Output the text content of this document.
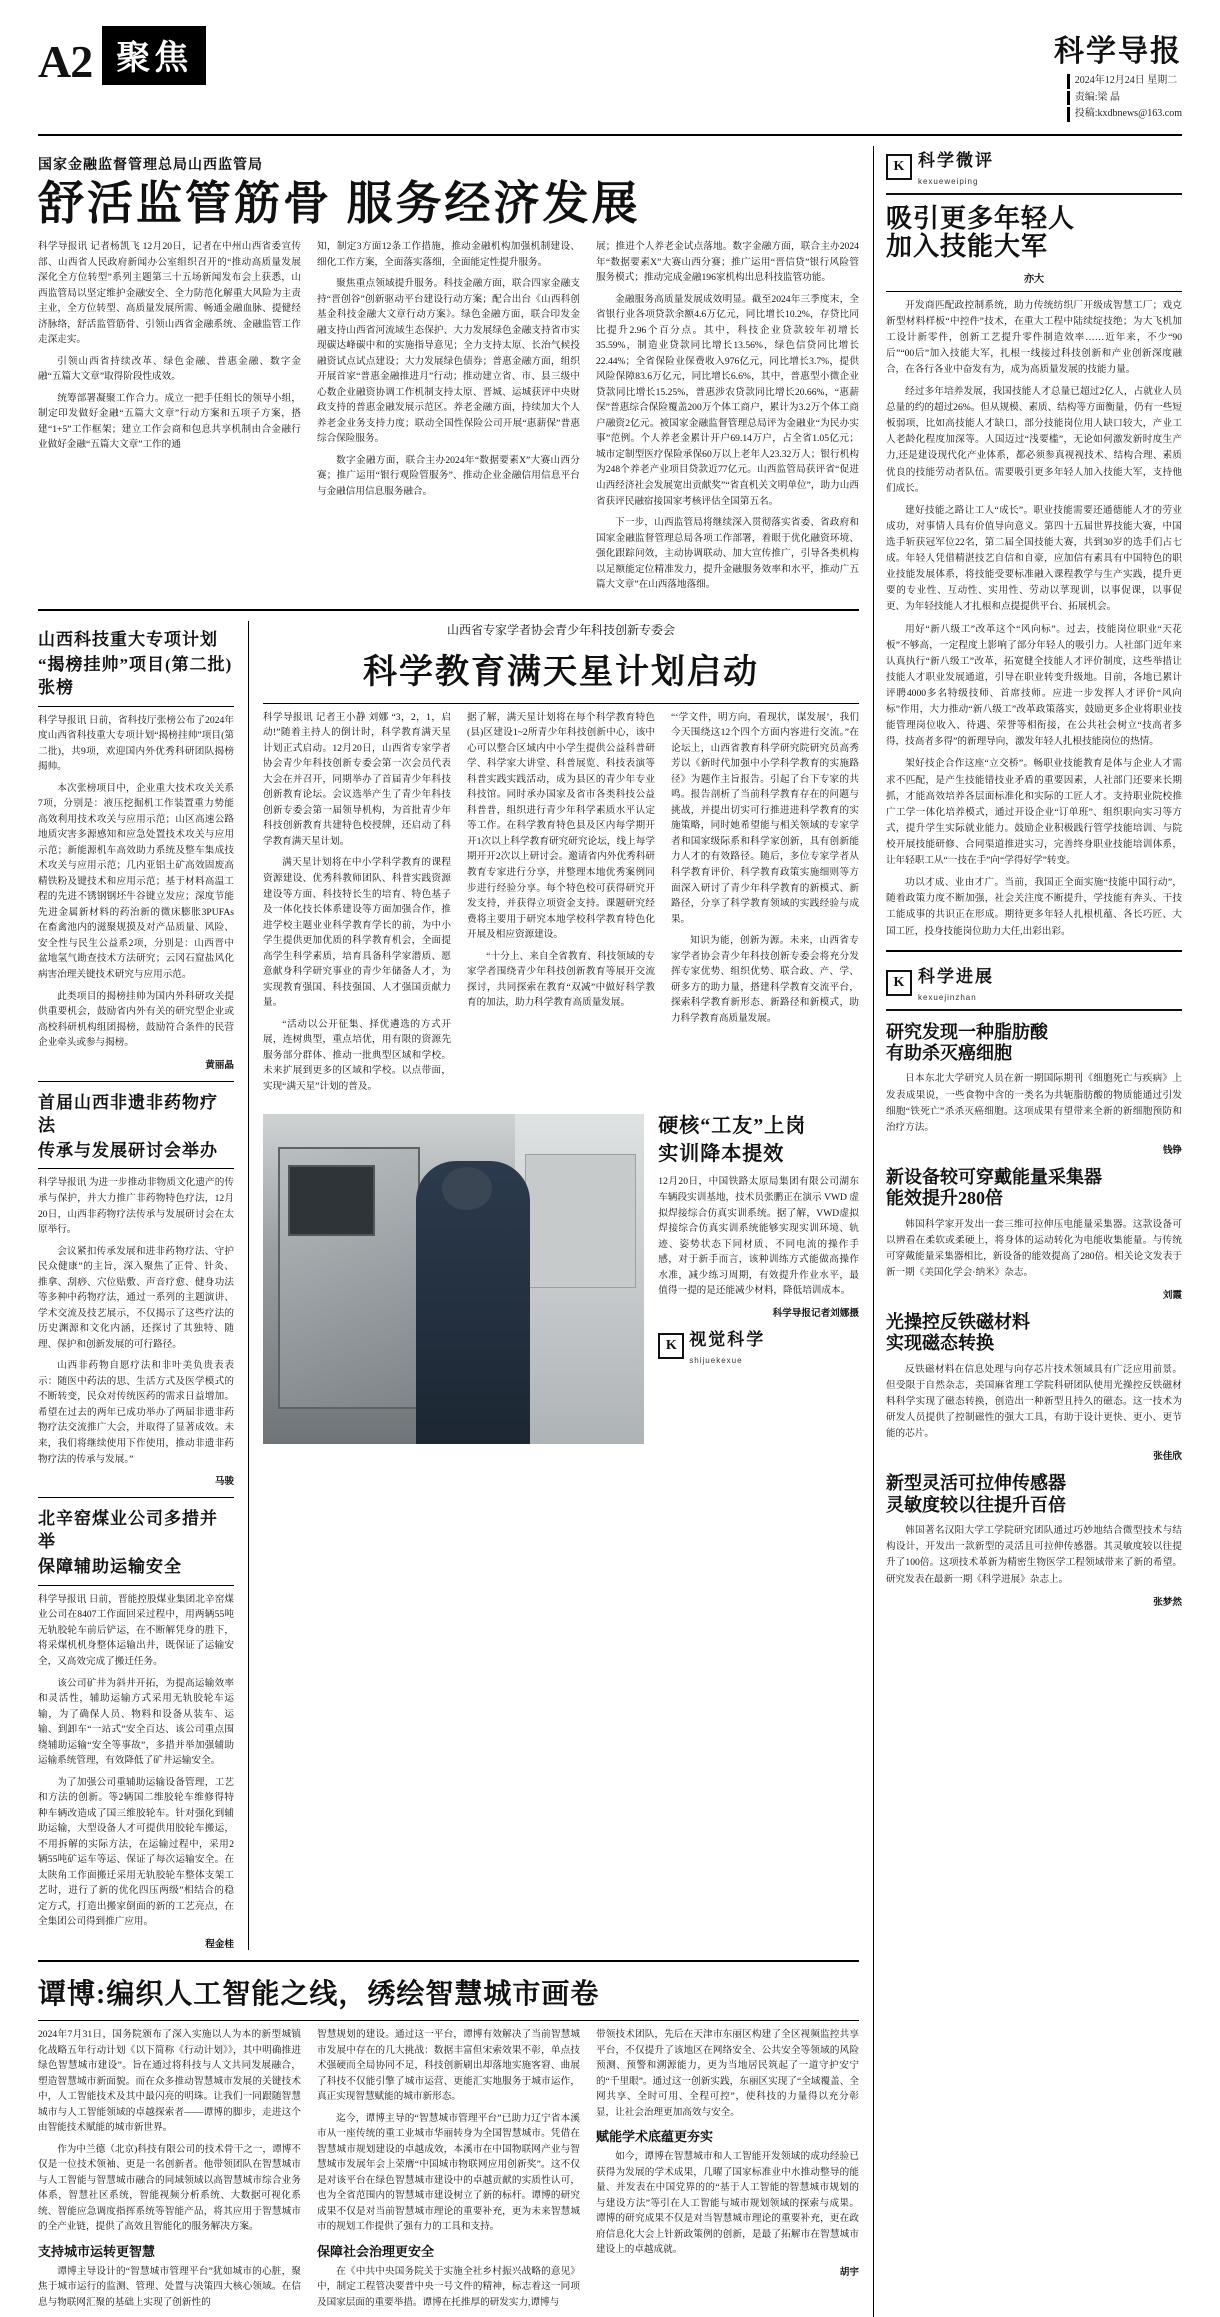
A2 聚焦	科学导报
2024年12月24日 星期二
责编:梁 晶
投稿:kxdbnews@163.com
国家金融监督管理总局山西监管局
舒活监管筋骨 服务经济发展

科学导报讯 记者杨凯飞 12月20日，记者在中州山西省委宣传部、山西省人民政府新闻办公室组织召开的“推动高质量发展深化全方位转型”系列主题第三十五场新闻发布会上获悉，山西监管局以坚定维护金融安全、全力防范化解重大风险为主责主业，全方位转型、高质量发展所需、畅通金融血脉、提健经济脉络，舒活监管筋骨、引领山西省金融系统、金融监管工作走深走实。

引领山西省持续改革、绿色金融、普惠金融、数字金融“五篇大文章”取得阶段性成效。

统筹部署凝聚工作合力。成立一把手任组长的领导小组，制定印发做好金融“五篇大文章”行动方案和五项子方案，搭建“1+5”工作框架；建立工作会商和包息共享机制由合金融行业做好金融“五篇大文章”工作的通

知，制定3方面12条工作措施，推动金融机构加强机制建设、细化工作方案，全面落实落细，全面能定性提升服务。

聚焦重点领域提升服务。科技金融方面，联合四家金融支持“晋创谷”创新驱动平台建设行动方案；配合出台《山西科创基金科技金融大文章行动方案》。绿色金融方面，联合印发金融支持山西省河流域生态保护、大力发展绿色金融支持省市实现碳达峰碳中和的实施指导意见；全力支持太原、长治气候投融资试点试点建设；大力发展绿色债券；普惠金融方面，组织开展首家“普惠金融推进月”行动；推动建立省、市、县三级中心数企业融资协调工作机制支持太原、晋城、运城获评中央财政支持的普惠金融发展示范区。养老金融方面，持续加大个人养老金业务支持力度；联动全国性保险公司开展“惠薪保”普惠综合保险服务。

数字金融方面，联合主办2024年“数据要素X”大赛山西分赛；推广运用“银行观险管服务”、推动企业金融信用信息平台与金融信用信息服务融合。

展；推进个人养老金试点落地。数字金融方面，联合主办2024年“数据要素X”大赛山西分赛；推广运用“晋信贷”银行风险管服务模式；推动完成金融196家机构出息科技监管功能。

金融服务高质量发展成效明显。截至2024年三季度末，全省银行业各项贷款余额4.6万亿元，同比增长10.2%，存贷比同比提升2.96个百分点。其中，科技企业贷款较年初增长35.59%，制造业贷款同比增长13.56%，绿色信贷同比增长22.44%；全省保险业保费收入976亿元，同比增长3.7%，提供风险保障83.6万亿元，同比增长6.6%，其中，普惠型小微企业贷款同比增长15.25%，普惠涉农贷款同比增长20.66%，“惠薪保”普惠综合保险覆盖200万个体工商户，累计为3.2万个体工商户融资2亿元。被国家金融监督管理总局评为金融业“为民办实事”范例。个人养老金累计开户69.14万户，占全省1.05亿元；城市定制型医疗保险承保60万以上老年人23.32万人；银行机构为248个养老产业项目贷款近77亿元。山西监管局获评省“促进山西经济社会发展宽出贡献奖”“省直机关文明单位”，助力山西省获评民融宿接国家考核评估全国第五名。

下一步，山西监管局将继续深入贯彻落实省委、省政府和国家金融监督管理总局各项工作部署，着眼于优化融资环境、强化跟踪问效，主动协调联动、加大宣传推广，引导各类机构以足额能定位精准发力，提升金融服务效率和水平，推动广五篇大文章”在山西落地落细。

山西科技重大专项计划
“揭榜挂帅”项目(第二批)张榜

科学导报讯 日前，省科技厅张榜公布了2024年度山西省科技重大专项计划“揭榜挂帅”项目(第二批)，共9项，欢迎国内外优秀科研团队揭榜揭帅。

本次张榜项目中，企业重大技术攻关关系7项，分别是：液压挖掘机工作装置重力势能高效利用技术攻关与应用示范；山区高速公路地质灾害多源感知和应急处置技术攻关与应用示范；新能源机车高效助力系统及整车集成技术攻关与应用示范；几内亚铝土矿高效固废高精铁粉及键技术和应用示范；基于材料高温工程的先进不锈钢钢坯牛谷键立发应；深度节能先进金属新材料的药治新的微床膨胀3PUFAs 在畜禽池内的滋聚规摸及对产品质量、风险、安全性与民生公益系2项，分别是：山西晋中盆地氢气勘查技术方法研究；云冈石窟盐风化病害治理关键技术研究与应用示范。

此类项目的揭榜挂帅为国内外科研攻关提供重要机会，鼓励省内外有关的研究型企业或高校科研机构组团揭榜，鼓励符合条件的民营企业牵头或参与揭榜。

黄丽晶
首届山西非遗非药物疗法
传承与发展研讨会举办

科学导报讯 为进一步推动非物质文化遗产的传承与保护，并大力推广非药物特色疗法，12月20日，山西非药物疗法传承与发展研讨会在太原举行。

会议紧扣传承发展和进非药物疗法、守护民众健康”的主旨，深入聚焦了正骨、针灸、推拿、刮痧、穴位贴敷、声音疗愈、健身功法等多种中药物疗法，通过一系列的主题演讲、学术交流及技艺展示，不仅揭示了这些疗法的历史渊源和文化内涵，还探讨了其独特、随理、保护和创新发展的可行路径。

山西非药物自愿疗法和非叶美负贵表表示：随医中药法的思、生活方式及医学模式的不断转变，民众对传统医药的需求日益增加。希望在过去的两年已成功举办了两届非遗非药物疗法交流推广大会，并取得了显著成效。未来，我们将继续使用下作使用，推动非遗非药物疗法的传承与发展。”

马骏
北辛窑煤业公司多措并举
保障辅助运输安全

科学导报讯 日前，晋能控股煤业集团北辛窑煤业公司在8407工作面回采过程中，用两辆55吨无轨胶轮车前后铲运，在不断解凭身的胜下，将采煤机机身整体运输出井，既保证了运输安全，又高效完成了搬迁任务。

该公司矿井为斜井开拓，为提高运输效率和灵活性，辅助运输方式采用无轨胶轮车运输，为了确保人员、物料和设备从装车、运输、到卸车“一站式”安全百达、该公司重点围绕辅助运输“安全等事故”，多措并举加强辅助运输系统管理，有效降低了矿井运输安全。

为了加强公司重辅助运输设备管理，工艺和方法的创新。等2辆国二维胶轮车维修得特种车辆改造成了国三维胶轮车。针对强化到辅助运输，大型设备人才可提供用胶轮车搬运，不用拆解的实际方法，在运输过程中，采用2辆55吨矿运车等运、保证了每次运输安全。在太陕角工作面搬迁采用无轨胶轮车整体支架工艺时，进行了新的优化四压两级”相结合的稳定方式，打造出搬家倒面的新的工艺亮点，在全集团公司得到推广应用。

程金桂
山西省专家学者协会青少年科技创新专委会
科学教育满天星计划启动

科学导报讯 记者王小静 刘娜 “3，2，1，启动!”随着主持人的倒计时，科学教育满天星计划正式启动。12月20日，山西省专家学者协会青少年科技创新专委会第一次会员代表大会在并召开，同期举办了首届青少年科技创新教育论坛。会议选举产生了青少年科技创新专委会第一届领导机构，为首批青少年科技创新教育共建特色校授牌，还启动了科学教育满天星计划。

满天星计划将在中小学科学教育的课程资源建设、优秀科教师团队、科普实践资源建设等方面、科技特长生的培育、特色基子及一体化技长体系建设等方面加强合作，推进学校主题业业科学教育学长的前，为中小学生提供更加优质的科学教育机会，全面提高学生科学素质，培育具备科学家潜质、愿意献身科学研究事业的青少年储备人才，为实现教育强国、科技强国、人才强国贡献力量。

“活动以公开征集、择优遴选的方式开展，连树典型，重点培优，用有限的资源先服务部分群体、推动一批典型区域和学校。未来扩展到更多的区域和学校。以点带面，实现“满天星”计划的普及。

据了解，满天星计划将在每个科学教育特色(县)区建设1~2所青少年科技创新中心，该中心可以整合区域内中小学生提供公益科普研学、科学家大讲堂、科普展览、科技表演等科普实践实践活动，成为县区的青少年专业科技馆。同时承办国家及省市各类科技公益科普普，组织进行青少年科学素质水平认定等工作。在科学教育特色县及区内每学期开开1次以上科学教育研究研究论坛，线上每学期开开2次以上研讨会。邀请省内外优秀科研教育专家进行分享，并整理本地优秀案例同步进行经验分享。每个特色校可获得研究开发支持，并获得立项资金支持。课题研究经费将主要用于研究本地学校科学教育特色化开展及相应资源建设。

“十分上、来自全省教育、科技领域的专家学者围绕青少年科技创新教育等展开交流探讨，共同探索在教育“双减”中做好科学教育的加法，助力科学教育高质量发展。

“‘学文件，明方向，看现状，谋发展’，我们今天围绕这12个四个方面内容进行交流。”在论坛上，山西省教育科学研究院研究员高秀芳以《新时代加强中小学科学教育的实施路径》为题作主旨报告。引起了台下专家的共鸣。报告剖析了当前科学教育存在的问题与挑战，并提出切实可行推进进科学教育的实施策略，同时她希望能与相关领域的专家学者和国家级际系和科学家创新，具有创新能力人才的有效路径。随后，多位专家学者从科学教育评价、科学教育政策实施细则等方面深入研讨了青少年科学教育的新模式、新路径，分享了科学教育领域的实践经验与成果。

知识为能，创新为源。未来，山西省专家学者协会青少年科技创新专委会将充分发挥专家优势、组织优势、联合政、产、学、研多方的助力量，搭建科学教育交流平台，探索科学教育新形态、新路径和新模式，助力科学教育高质量发展。

硬核“工友”上岗
实训降本提效

12月20日，中国铁路太原局集团有限公司湖东车辆段实训基地，技术员张鹏正在演示 VWD 虚拟焊接综合仿真实训系统。据了解，VWD虚拟焊接综合仿真实训系统能够实现实训环境、轨迹、姿势状态下同材质、不同电流的操作手感，对于新手而言，该种训练方式能做高操作水准，减少练习周期，有效提升作业水平，最值得一提的是还能减少材料，降低培训成本。

科学导报记者刘娜摄
K 视觉科学
shijuekexue
谭博:编织人工智能之线，绣绘智慧城市画卷

2024年7月31日，国务院颁布了深入实施以人为本的新型城镇化战略五年行动计划《以下简称《行动计划》》，其中明确推进绿色智慧城市建设”。旨在通过将科技与人文共同发展融合，塑造智慧城市新面貌。而在众多推动智慧城市发展的关键技术中，人工智能技术及其中最闪亮的明珠。让我们一同跟随智慧城市与人工智能领域的卓越探索者——谭博的脚步，走进这个由智能技术赋能的城市新世界。

作为中兰德（北京)科技有限公司的技术骨干之一，谭博不仅是一位技术领袖、更是一名创新者。他带领团队在智慧城市与人工智能与智慧城市融合的同域领域以高智慧城市综合业务体系，智慧社区系统，智能视频分析系统、大数据可视化系统、智能应急调度指挥系统等智能产品，将其应用于智慧城市的全产业链，提供了高效且智能化的服务解决方案。

支持城市运转更智慧

谭博主导设计的“智慧城市管理平台”犹如城市的心脏，聚焦于城市运行的监测、管理、处置与决策四大核心领域。在信息与物联网汇聚的基础上实现了创新性的

智慧规划的建设。通过这一平台，谭博有效解决了当前智慧城市发展中存在的几大挑战：数据丰富但宋索效果不彰，单点技术强硬而全局协同不足，科技创新刷出却落地实施客窘、曲展了科技不仅能引擎了城市运营、更能汇实地服务于城市运作，真正实现智慧赋能的城市新形态。

迄今，谭博主导的“智慧城市管理平台”已助力辽宁省本溪市从一座传统的重工业城市华丽转身为全国智慧城市。凭借在智慧城市规划建设的卓越成效，本溪市在中国物联网产业与智慧城市发展年会上荣膺“中国城市物联网应用创新奖”。这不仅是对该平台在绿色智慧城市建设中的卓越贡献的实质性认可，也为全省范围内的智慧城市建设树立了新的标杆。谭博的研究成果不仅是对当前智慧城市理论的重要补充，更为未来智慧城市的规划工作提供了强有力的工具和支持。

保障社会治理更安全

在《中共中央国务院关于实施全社乡村振兴战略的意见》中，制定工程管决要普中央一号文件的精神，标志着这一同项及国家层面的重要举措。谭博在托推厚的研发实力,谭博与

带领技术团队，先后在天津市东丽区构建了全区视频监控共享平台，不仅提升了该地区在网络安全、公共安全等领域的风险预测、预警和溯源能力，更为当地居民筑起了一道守护安宁的“千里眼”。通过这一创新实践，东丽区实现了“全域覆盖、全网共享、全时可用、全程可控”，使科技的力量得以充分彰显，让社会治理更加高效与安全。

赋能学术底蕴更夯实

如今，谭博在智慧城市和人工智能开发领域的成功经验已获得为发展的学术成果，几曜了国家标准业中水推动整导的能量、并发表在中国党界的的“基于人工智能的智慧城市规划的与建设方法”等引在人工智能与城市规划领域的探索与成果。谭博的研究成果不仅是对当智慧城市理论的重要补充，更在政府信息化大会上针新政策例的创新，是最了拓解市在智慧城市建设上的卓越成就。

胡宇
K 科学微评
kexueweiping
吸引更多年轻人
加入技能大军
亦大

开发商匹配政控制系统，助力传统纺织厂开级成智慧工厂；戏克新型材料样板“中控件”技术，在重大工程中陆续绽技绝；为大飞机加工设计新零件，创新工艺提升零件制造效率……近年来，不少“90后”“00后”加入技能大军，扎根一线接过科技创新和产业创新深度融合，在各行各业中奋发有为，成为高质量发展的技能力量。

经过多年培养发展，我国技能人才总量已超过2亿人，占就业人员总量的约的超过26%。但从规模、素质、结构等方面衡量，仍有一些短板弱项，比如高技能人才缺口，部分技能岗位用人缺口较大，产业工人老龄化程度加深等。人国迈过“浅要槛”，无论如何激发新时度生产力,还是建设现代化产业体系，都必须参真视视技术、结构合理、素质优良的技能劳动者队伍。需要吸引更多年轻人加入技能大军，支持他们成长。

建好技能之路让工人“成长”。职业技能需要还通德能人才的劳业成功，对事情人具有价值导向意义。第四十五届世界技能大赛，中国选手斩获冠军位22名，第二届全国技能大赛，共到30岁的选手们占七成。年轻人凭借精湛技艺自信和自豪，应加信有素具有中国特色的职业技能发展体系，将技能受要标准融入课程教学与生产实践，提升更要的专业性、互动性、实用性、劳动以莩现训，以事促课，以事促更、为年轻技能人才扎根和点提提供平台、拓展机会。

用好“新八级工”改革这个“风向标”。过去，技能岗位职业“天花板”不够高，一定程度上影响了部分年轻人的吸引力。人社部门近年来认真执行“新八级工”改革，拓宽健全技能人才评价制度，这些举措让技能人才职业发展通道，引导在职业转变升级地。目前，各地已累计评聘4000多名特级技师、首席技师。应进一步发挥人才评价“风向标”作用，大力推动“新八级工”改革政策落实，鼓励更多企业将职业技能管理岗位收入、待遇、荣誉等相衔接，在公共社会树立“技高者多得，技高者多得”的新理导向，激发年轻人扎根技能岗位的热情。

架好技企合作这座“立交桥”。畅职业技能教育是体与企业人才需求不匹配，是产生技能错技业矛盾的重要因素，人社部门还要来长期抓，才能高效培养各层面标准化和实际的工匠人才。支持职业院校推广工学一体化培养模式，通过开设企业“订单班”、组织职向实习等方式，提升学生实际就业能力。鼓励企业积极践行管学技能培训、与院校开展技能研修、合同渠道推进实习，完善终身职业技能培训体系，让年轻职工从“一技在手”向“学得好学”转变。

功以才成、业由才广。当前，我国正全面实施“技能中国行动”，随着政策力度不断加强，社会关注度不断提升，学技能有奔头、干技工能成事的共识正在形成。期待更多年轻人扎根机蕴、各长巧匠、大国工匠，投身技能岗位助力大任,出彩出彩。

K 科学进展
kexuejinzhan
研究发现一种脂肪酸
有助杀灭癌细胞

日本东北大学研究人员在新一期国际期刊《细胞死亡与疾病》上发表成果说，一些食物中含的一类名为共轭脂肪酸的物质能通过引发细胞“铁死亡”杀杀灭癌细胞。这项成果有望带来全新的新细胞预防和治疗方法。

钱铮
新设备较可穿戴能量采集器
能效提升280倍

韩国科学家开发出一套三维可拉伸压电能量采集器。这款设备可以辨看在柔软或柔硬上，将身体的运动转化为电能收集能量。与传统可穿戴能量采集器相比，新设备的能效提高了280倍。相关论文发表于新一期《美国化学会·纳米》杂志。

刘霞
光操控反铁磁材料
实现磁态转换

反铁磁材料在信息处理与向存芯片技术领域具有广泛应用前景。但受限于自然杂志，美国麻省理工学院科研团队使用光操控反铁磁材料科学实现了磁态转换，创造出一种新型且持久的磁态。这一技术为研发人员提供了控制磁性的强大工具，有助于设计更快、更小、更节能的芯片。

张佳欣
新型灵活可拉伸传感器
灵敏度较以往提升百倍

韩国著名汉阳大学工学院研究团队通过巧妙地结合微型技术与结构设计，开发出一款新型的灵活且可拉伸传感器。其灵敏度较以往提升了100倍。这项技术革新为精密生物医学工程领域带来了新的希望。研究发表在最新一期《科学进展》杂志上。

张梦然
